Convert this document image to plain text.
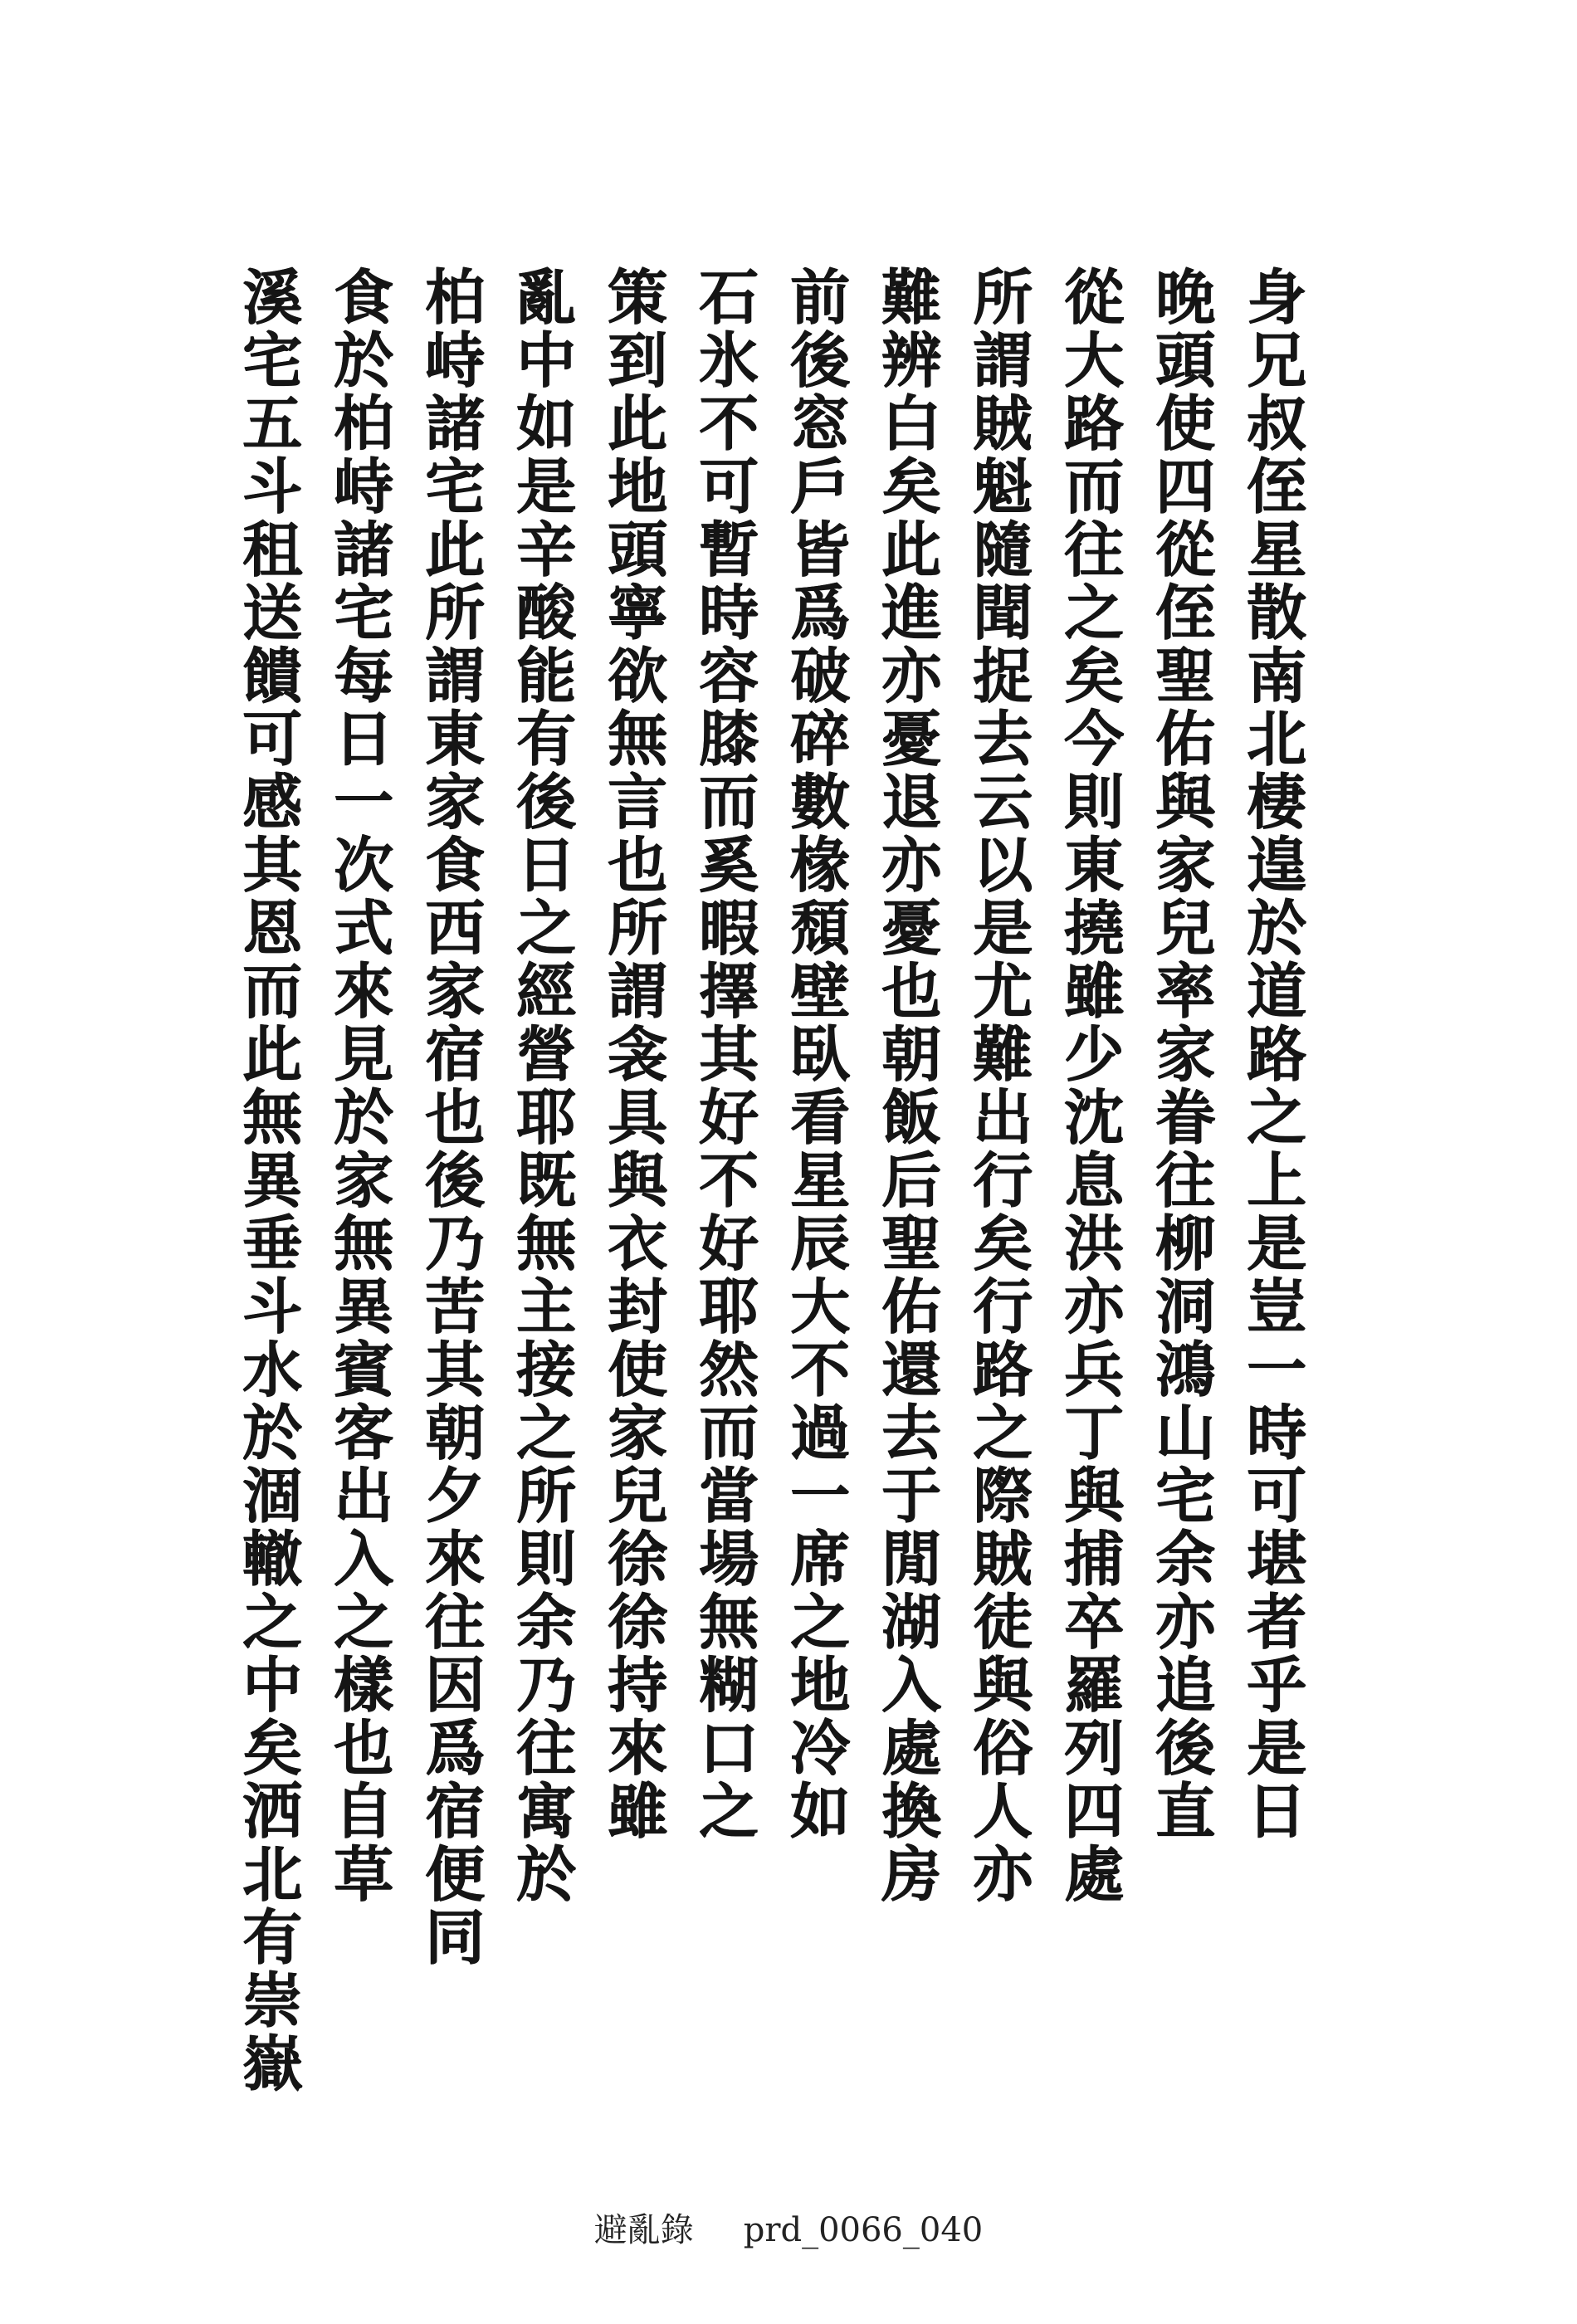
身兄叔侄星散南北棲遑於道路之上是豈一時可堪者乎是日
晚頭使四從侄聖佑與家兒率家眷往柳洞鴻山宅余亦追後直
從大路而往之矣今則東撓雖少沈息洪亦兵丁與捕卒羅列四處
所謂賊魁隨聞捉去云以是尤難出行矣行路之際賊徒與俗人亦
難辨白矣此進亦憂退亦憂也朝飯后聖佑還去于閒湖入處換房
前後窓戶皆爲破碎數椽頹壁臥看星辰大不過一席之地冷如
石氷不可暫時容膝而奚暇擇其好不好耶然而當場無糊口之
策到此地頭寧欲無言也所謂衾具與衣封使家兒徐徐持來雖
亂中如是辛酸能有後日之經營耶既無主接之所則余乃往寓於
柏峙諸宅此所謂東家食西家宿也後乃苦其朝夕來往因爲宿便同
食於柏峙諸宅每日一次式來見於家無異賓客出入之樣也自草
溪宅五斗租送饋可感其恩而此無異垂斗水於涸轍之中矣洒北有崇嶽
避亂錄 prd_0066_040
